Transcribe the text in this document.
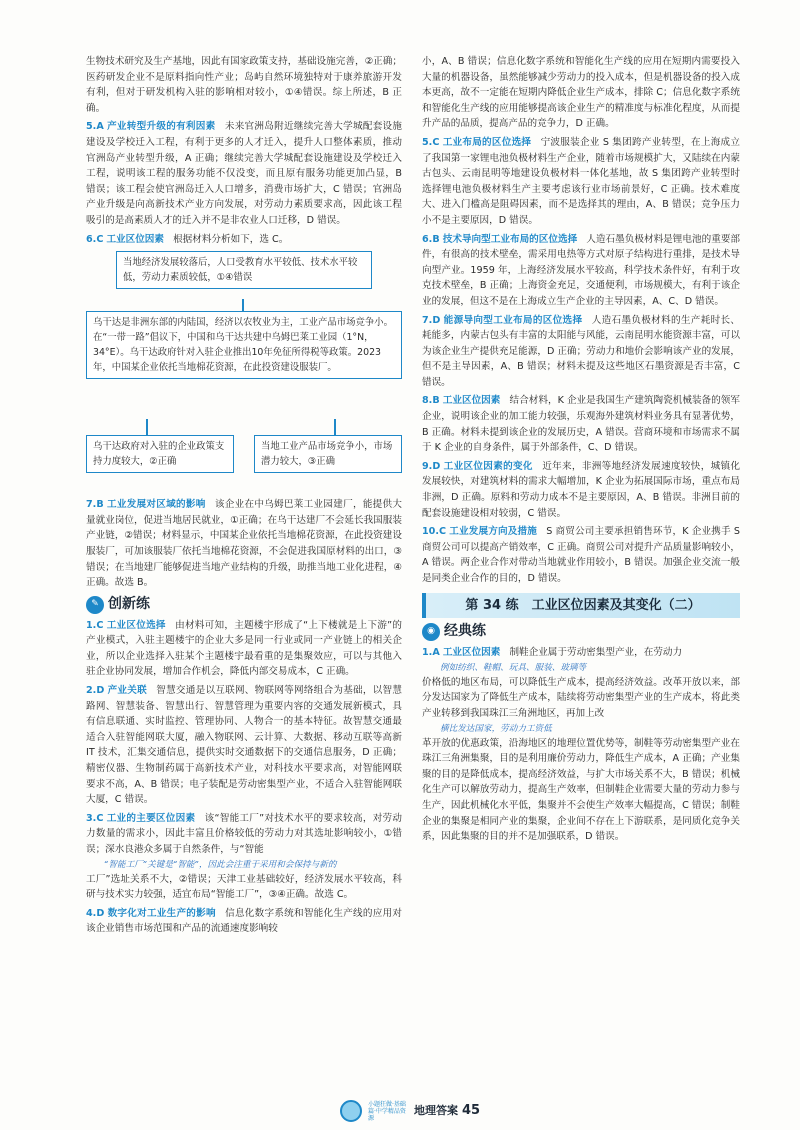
生物技术研究及生产基地，因此有国家政策支持，基础设施完善，②正确；医药研发企业不是原料指向性产业；岛屿自然环境独特对于康养旅游开发有利，但对于研发机构入驻的影响相对较小，①④错误。综上所述，B 正确。

5.A 产业转型升级的有利因素 未来官洲岛附近继续完善大学城配套设施建设及学校迁入工程，有利于更多的人才迁入，提升人口整体素质，推动官洲岛产业转型升级，A 正确；继续完善大学城配套设施建设及学校迁入工程，说明该工程的服务功能不仅没变，而且原有服务功能更加凸显，B 错误；该工程会使官洲岛迁入人口增多，消费市场扩大，C 错误；官洲岛产业升级是向高新技术产业方向发展，对劳动力素质要求高，因此该工程吸引的是高素质人才的迁入并不是非农业人口迁移，D 错误。

6.C 工业区位因素 根据材料分析如下，选 C。

当地经济发展较落后，人口受教育水平较低、技术水平较低，劳动力素质较低，①④错误
乌干达是非洲东部的内陆国，经济以农牧业为主，工业产品市场竞争小。在“一带一路”倡议下，中国和乌干达共建中乌姆巴莱工业园（1°N，34°E）。乌干达政府针对入驻企业推出10年免征所得税等政策。2023年，中国某企业依托当地棉花资源，在此投资建设服装厂。
乌干达政府对入驻的企业政策支持力度较大，②正确
当地工业产品市场竞争小，市场潜力较大，③正确

7.B 工业发展对区域的影响 该企业在中乌姆巴莱工业园建厂，能提供大量就业岗位，促进当地居民就业，①正确；在乌干达建厂不会延长我国服装产业链，②错误；材料显示，中国某企业依托当地棉花资源，在此投资建设服装厂，可加该服装厂依托当地棉花资源，不会促进我国原材料的出口，③错误；在当地建厂能够促进当地产业结构的升级，助推当地工业化进程，④正确。故选 B。

✎ 创新练

1.C 工业区位选择 由材料可知，主题楼宇形成了“上下楼就是上下游”的产业模式，入驻主题楼宇的企业大多是同一行业或同一产业链上的相关企业，所以企业选择入驻某个主题楼宇最看重的是集聚效应，可以与其他入驻企业协同发展，增加合作机会，降低内部交易成本，C 正确。

2.D 产业关联 智慧交通是以互联网、物联网等网络组合为基础，以智慧路网、智慧装备、智慧出行、智慧管理为重要内容的交通发展新模式，具有信息联通、实时监控、管理协同、人物合一的基本特征。故智慧交通最适合入驻智能网联大厦，融入物联网、云计算、大数据、移动互联等高新 IT 技术，汇集交通信息，提供实时交通数据下的交通信息服务，D 正确；精密仪器、生物制药属于高新技术产业，对科技水平要求高，对智能网联要求不高，A、B 错误；电子装配是劳动密集型产业，不适合入驻智能网联大厦，C 错误。

3.C 工业的主要区位因素 该“智能工厂”对技术水平的要求较高，对劳动力数量的需求小，因此丰富且价格较低的劳动力对其选址影响较小，①错误；深水良港众多属于自然条件，与“智能

“智能工厂”关键是“智能”，因此会注重于采用和会保持与新的

工厂”选址关系不大，②错误；天津工业基础较好，经济发展水平较高，科研与技术实力较强，适宜布局“智能工厂”，③④正确。故选 C。

4.D 数字化对工业生产的影响 信息化数字系统和智能化生产线的应用对该企业销售市场范围和产品的流通速度影响较

小，A、B 错误；信息化数字系统和智能化生产线的应用在短期内需要投入大量的机器设备，虽然能够减少劳动力的投入成本，但是机器设备的投入成本更高，故不一定能在短期内降低企业生产成本，排除 C；信息化数字系统和智能化生产线的应用能够提高该企业生产的精准度与标准化程度，从而提升产品的品质，提高产品的竞争力，D 正确。

5.C 工业布局的区位选择 宁波服装企业 S 集团跨产业转型，在上海成立了我国第一家锂电池负极材料生产企业，随着市场规模扩大，又陆续在内蒙古包头、云南昆明等地建设负极材料一体化基地，故 S 集团跨产业转型时选择锂电池负极材料生产主要考虑该行业市场前景好，C 正确。技术难度大、进入门槛高是阻碍因素，而不是选择其的理由，A、B 错误；竞争压力小不是主要原因，D 错误。

6.B 技术导向型工业布局的区位选择 人造石墨负极材料是锂电池的重要部件，有很高的技术壁垒，需采用电热等方式对原子结构进行重排，是技术导向型产业。1959 年，上海经济发展水平较高，科学技术条件好，有利于攻克技术壁垒，B 正确；上海资金充足，交通便利，市场规模大，有利于该企业的发展，但这不是在上海成立生产企业的主导因素，A、C、D 错误。

7.D 能源导向型工业布局的区位选择 人造石墨负极材料的生产耗时长、耗能多，内蒙古包头有丰富的太阳能与风能，云南昆明水能资源丰富，可以为该企业生产提供充足能源，D 正确；劳动力和地价会影响该产业的发展，但不是主导因素，A、B 错误；材料未提及这些地区石墨资源是否丰富，C 错误。

8.B 工业区位因素 结合材料，K 企业是我国生产建筑陶瓷机械装备的领军企业，说明该企业的加工能力较强，乐观海外建筑材料业务具有显著优势，B 正确。材料未提到该企业的发展历史，A 错误。营商环境和市场需求不属于 K 企业的自身条件，属于外部条件，C、D 错误。

9.D 工业区位因素的变化 近年来，非洲等地经济发展速度较快，城镇化发展较快，对建筑材料的需求大幅增加，K 企业为拓展国际市场，重点布局非洲，D 正确。原料和劳动力成本不是主要原因，A、B 错误。非洲目前的配套设施建设相对较弱，C 错误。

10.C 工业发展方向及措施 S 商贸公司主要承担销售环节，K 企业携手 S 商贸公司可以提高产销效率，C 正确。商贸公司对提升产品质量影响较小，A 错误。两企业合作对带动当地就业作用较小，B 错误。加强企业交流一般是同类企业合作的目的，D 错误。

第 34 练　工业区位因素及其变化（二）
◉ 经典练

1.A 工业区位因素 制鞋企业属于劳动密集型产业，在劳动力

例如纺织、鞋帽、玩具、服装、玻璃等

价格低的地区布局，可以降低生产成本，提高经济效益。改革开放以来，部分发达国家为了降低生产成本，陆续将劳动密集型产业的生产成本，将此类产业转移到我国珠江三角洲地区，再加上改

横比发达国家，劳动力工资低

革开放的优惠政策，沿海地区的地理位置优势等，制鞋等劳动密集型产业在珠江三角洲集聚，目的是利用廉价劳动力，降低生产成本，A 正确；产业集聚的目的是降低成本，提高经济效益，与扩大市场关系不大，B 错误；机械化生产可以解放劳动力，提高生产效率，但制鞋企业需要大量的劳动力参与生产，因此机械化水平低，集聚并不会使生产效率大幅提高，C 错误；制鞋企业的集聚是相同产业的集聚，企业间不存在上下游联系，是同质化竞争关系，因此集聚的目的并不是加强联系，D 错误。

小题狂做·基础篇·中学精品资源
地理答案 45
